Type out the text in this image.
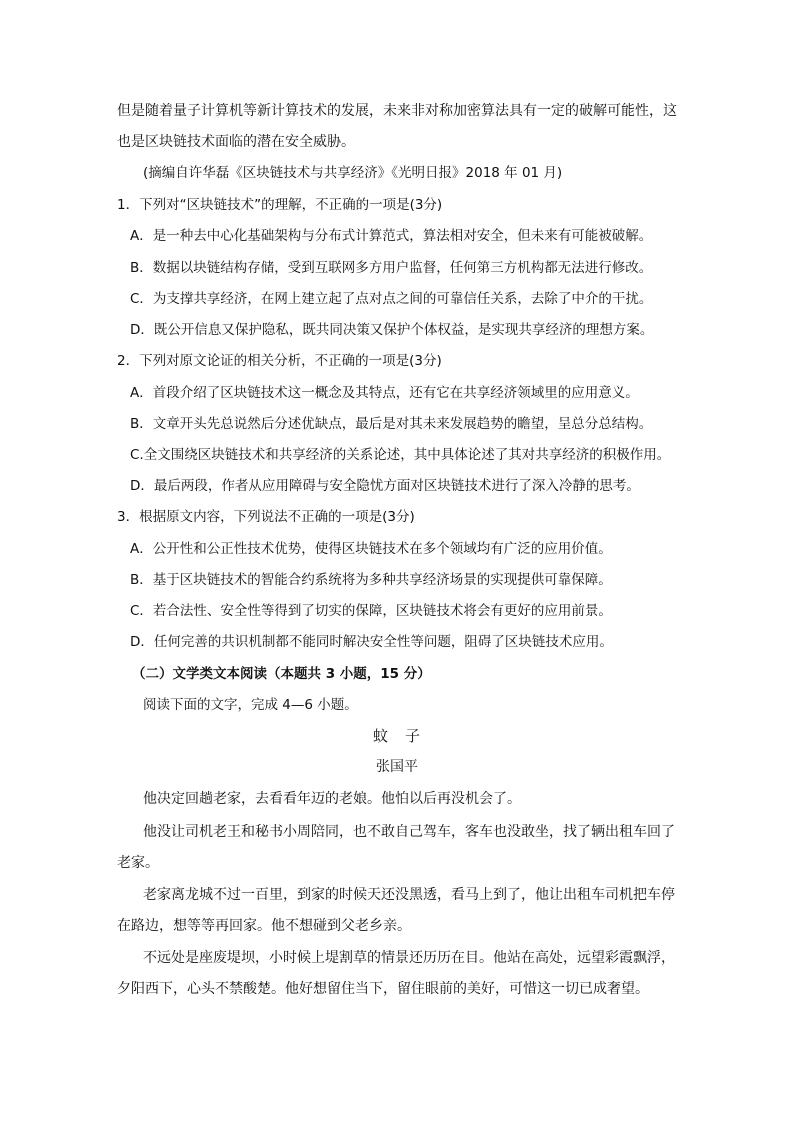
但是随着量子计算机等新计算技术的发展，未来非对称加密算法具有一定的破解可能性，这
也是区块链技术面临的潜在安全威胁。
(摘编自许华磊《区块链技术与共享经济》《光明日报》2018 年 01 月)
1．下列对“区块链技术”的理解，不正确的一项是(3分)
A．是一种去中心化基础架构与分布式计算范式，算法相对安全，但未来有可能被破解。
B．数据以块链结构存储，受到互联网多方用户监督，任何第三方机构都无法进行修改。
C．为支撑共享经济，在网上建立起了点对点之间的可靠信任关系，去除了中介的干扰。
D．既公开信息又保护隐私，既共同决策又保护个体权益，是实现共享经济的理想方案。
2．下列对原文论证的相关分析，不正确的一项是(3分)
A．首段介绍了区块链技术这一概念及其特点，还有它在共享经济领域里的应用意义。
B．文章开头先总说然后分述优缺点，最后是对其未来发展趋势的瞻望，呈总分总结构。
C.全文围绕区块链技术和共享经济的关系论述，其中具体论述了其对共享经济的积极作用。
D．最后两段，作者从应用障碍与安全隐忧方面对区块链技术进行了深入冷静的思考。
3．根据原文内容，下列说法不正确的一项是(3分)
A．公开性和公正性技术优势，使得区块链技术在多个领域均有广泛的应用价值。
B．基于区块链技术的智能合约系统将为多种共享经济场景的实现提供可靠保障。
C．若合法性、安全性等得到了切实的保障，区块链技术将会有更好的应用前景。
D．任何完善的共识机制都不能同时解决安全性等问题，阻碍了区块链技术应用。
（二）文学类文本阅读（本题共 3 小题，15 分）
阅读下面的文字，完成 4—6 小题。
蚊　子
张国平
他决定回趟老家，去看看年迈的老娘。他怕以后再没机会了。
他没让司机老王和秘书小周陪同，也不敢自己驾车，客车也没敢坐，找了辆出租车回了
老家。
老家离龙城不过一百里，到家的时候天还没黑透，看马上到了，他让出租车司机把车停
在路边，想等等再回家。他不想碰到父老乡亲。
不远处是座废堤坝，小时候上堤割草的情景还历历在目。他站在高处，远望彩霞飘浮，
夕阳西下，心头不禁酸楚。他好想留住当下，留住眼前的美好，可惜这一切已成奢望。
